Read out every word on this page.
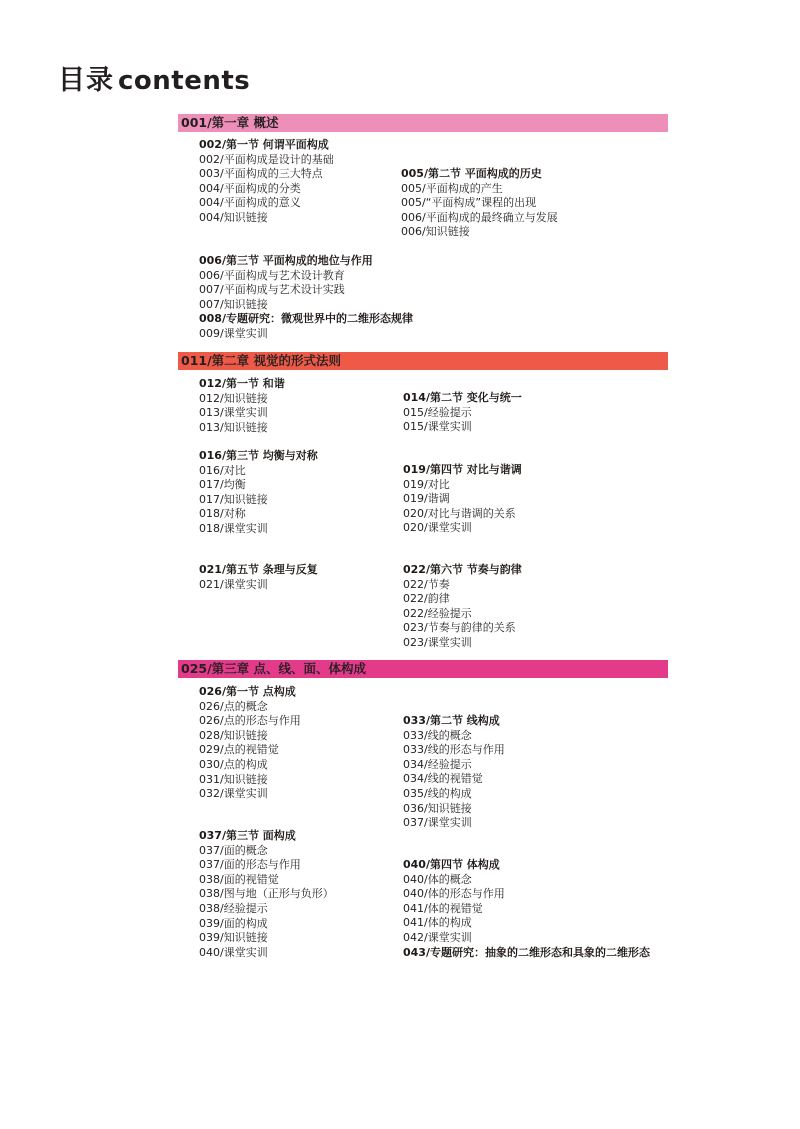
目录 contents
001/第一章 概述
002/第一节 何谓平面构成
002/平面构成是设计的基础
003/平面构成的三大特点
004/平面构成的分类
004/平面构成的意义
004/知识链接
005/第二节 平面构成的历史
005/平面构成的产生
005/“平面构成”课程的出现
006/平面构成的最终确立与发展
006/知识链接
006/第三节 平面构成的地位与作用
006/平面构成与艺术设计教育
007/平面构成与艺术设计实践
007/知识链接
008/专题研究：微观世界中的二维形态规律
009/课堂实训
011/第二章 视觉的形式法则
012/第一节 和谐
012/知识链接
013/课堂实训
013/知识链接
014/第二节 变化与统一
015/经验提示
015/课堂实训
016/第三节 均衡与对称
016/对比
017/均衡
017/知识链接
018/对称
018/课堂实训
019/第四节 对比与谐调
019/对比
019/谐调
020/对比与谐调的关系
020/课堂实训
021/第五节 条理与反复
021/课堂实训
022/第六节 节奏与韵律
022/节奏
022/韵律
022/经验提示
023/节奏与韵律的关系
023/课堂实训
025/第三章 点、线、面、体构成
026/第一节 点构成
026/点的概念
026/点的形态与作用
028/知识链接
029/点的视错觉
030/点的构成
031/知识链接
032/课堂实训
033/第二节 线构成
033/线的概念
033/线的形态与作用
034/经验提示
034/线的视错觉
035/线的构成
036/知识链接
037/课堂实训
037/第三节 面构成
037/面的概念
037/面的形态与作用
038/面的视错觉
038/图与地（正形与负形）
038/经验提示
039/面的构成
039/知识链接
040/课堂实训
040/第四节 体构成
040/体的概念
040/体的形态与作用
041/体的视错觉
041/体的构成
042/课堂实训
043/专题研究：抽象的二维形态和具象的二维形态
